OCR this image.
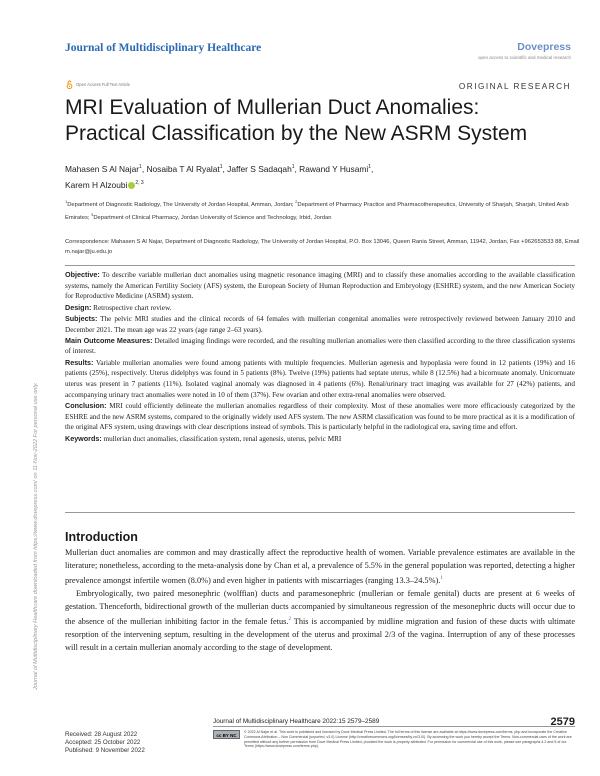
Journal of Multidisciplinary Healthcare	Dovepress
open access to scientific and medical research
Open Access Full Text Article	ORIGINAL RESEARCH
MRI Evaluation of Mullerian Duct Anomalies:
Practical Classification by the New ASRM System
Mahasen S Al Najar$^1$, Nosaiba T Al Ryalat$^1$, Jaffer S Sadaqah$^1$, Rawand Y Husami$^1$,
Karem H Alzoubi $^{2, 3}$
$^1$Department of Diagnostic Radiology, The University of Jordan Hospital, Amman, Jordan; $^2$Department of Pharmacy Practice and Pharmacotherapeutics, University of Sharjah, Sharjah, United Arab Emirates; $^3$Department of Clinical Pharmacy, Jordan University of Science and Technology, Irbid, Jordan
Correspondence: Mahasen S Al Najar, Department of Diagnostic Radiology, The University of Jordan Hospital, P.O. Box 13046, Queen Rania Street, Amman, 11942, Jordan, Fax +962653533 88, Email m.najar@ju.edu.jo

Objective: To describe variable mullerian duct anomalies using magnetic resonance imaging (MRI) and to classify these anomalies according to the available classification systems, namely the American Fertility Society (AFS) system, the European Society of Human Reproduction and Embryology (ESHRE) system, and the new American Society for Reproductive Medicine (ASRM) system.

Design: Retrospective chart review.

Subjects: The pelvic MRI studies and the clinical records of 64 females with mullerian congenital anomalies were retrospectively reviewed between January 2010 and December 2021. The mean age was 22 years (age range 2–63 years).

Main Outcome Measures: Detailed imaging findings were recorded, and the resulting mullerian anomalies were then classified according to the three classification systems of interest.

Results: Variable mullerian anomalies were found among patients with multiple frequencies. Mullerian agenesis and hypoplasia were found in 12 patients (19%) and 16 patients (25%), respectively. Uterus didelphys was found in 5 patients (8%). Twelve (19%) patients had septate uterus, while 8 (12.5%) had a bicornuate anomaly. Unicornuate uterus was present in 7 patients (11%). Isolated vaginal anomaly was diagnosed in 4 patients (6%). Renal/urinary tract imaging was available for 27 (42%) patients, and accompanying urinary tract anomalies were noted in 10 of them (37%). Few ovarian and other extra-renal anomalies were observed.

Conclusion: MRI could efficiently delineate the mullerian anomalies regardless of their complexity. Most of these anomalies were more efficaciously categorized by the ESHRE and the new ASRM systems, compared to the originally widely used AFS system. The new ASRM classification was found to be more practical as it is a modification of the original AFS system, using drawings with clear descriptions instead of symbols. This is particularly helpful in the radiological era, saving time and effort.

Keywords: mullerian duct anomalies, classification system, renal agenesis, uterus, pelvic MRI

Introduction

Mullerian duct anomalies are common and may drastically affect the reproductive health of women. Variable prevalence estimates are available in the literature; nonetheless, according to the meta-analysis done by Chan et al, a prevalence of 5.5% in the general population was reported, detecting a higher prevalence amongst infertile women (8.0%) and even higher in patients with miscarriages (ranging 13.3–24.5%).$^1$

Embryologically, two paired mesonephric (wolffian) ducts and paramesonephric (mullerian or female genital) ducts are present at 6 weeks of gestation. Thenceforth, bidirectional growth of the mullerian ducts accompanied by simultaneous regression of the mesonephric ducts will occur due to the absence of the mullerian inhibiting factor in the female fetus.$^2$ This is accompanied by midline migration and fusion of these ducts with ultimate resorption of the intervening septum, resulting in the development of the uterus and proximal 2/3 of the vagina. Interruption of any of these processes will result in a certain mullerian anomaly according to the stage of development.

Journal of Multidisciplinary Healthcare downloaded from https://www.dovepress.com/ on 11-Nov-2022 For personal use only.
Journal of Multidisciplinary Healthcare 2022:15 2579–2589	2579
Received: 28 August 2022
Accepted: 25 October 2022
Published: 9 November 2022
cc BY NC
© 2022 Al Najar et al. This work is published and licensed by Dove Medical Press Limited. The full terms of this license are available at https://www.dovepress.com/terms. php and incorporate the Creative Commons Attribution – Non Commercial (unported, v3.0) License (http://creativecommons.org/licenses/by-nc/3.0/). By accessing the work you hereby accept the Terms. Non-commercial uses of the work are permitted without any further permission from Dove Medical Press Limited, provided the work is properly attributed. For permission for commercial use of this work, please see paragraphs 4.2 and 5 of our Terms (https://www.dovepress.com/terms.php).
